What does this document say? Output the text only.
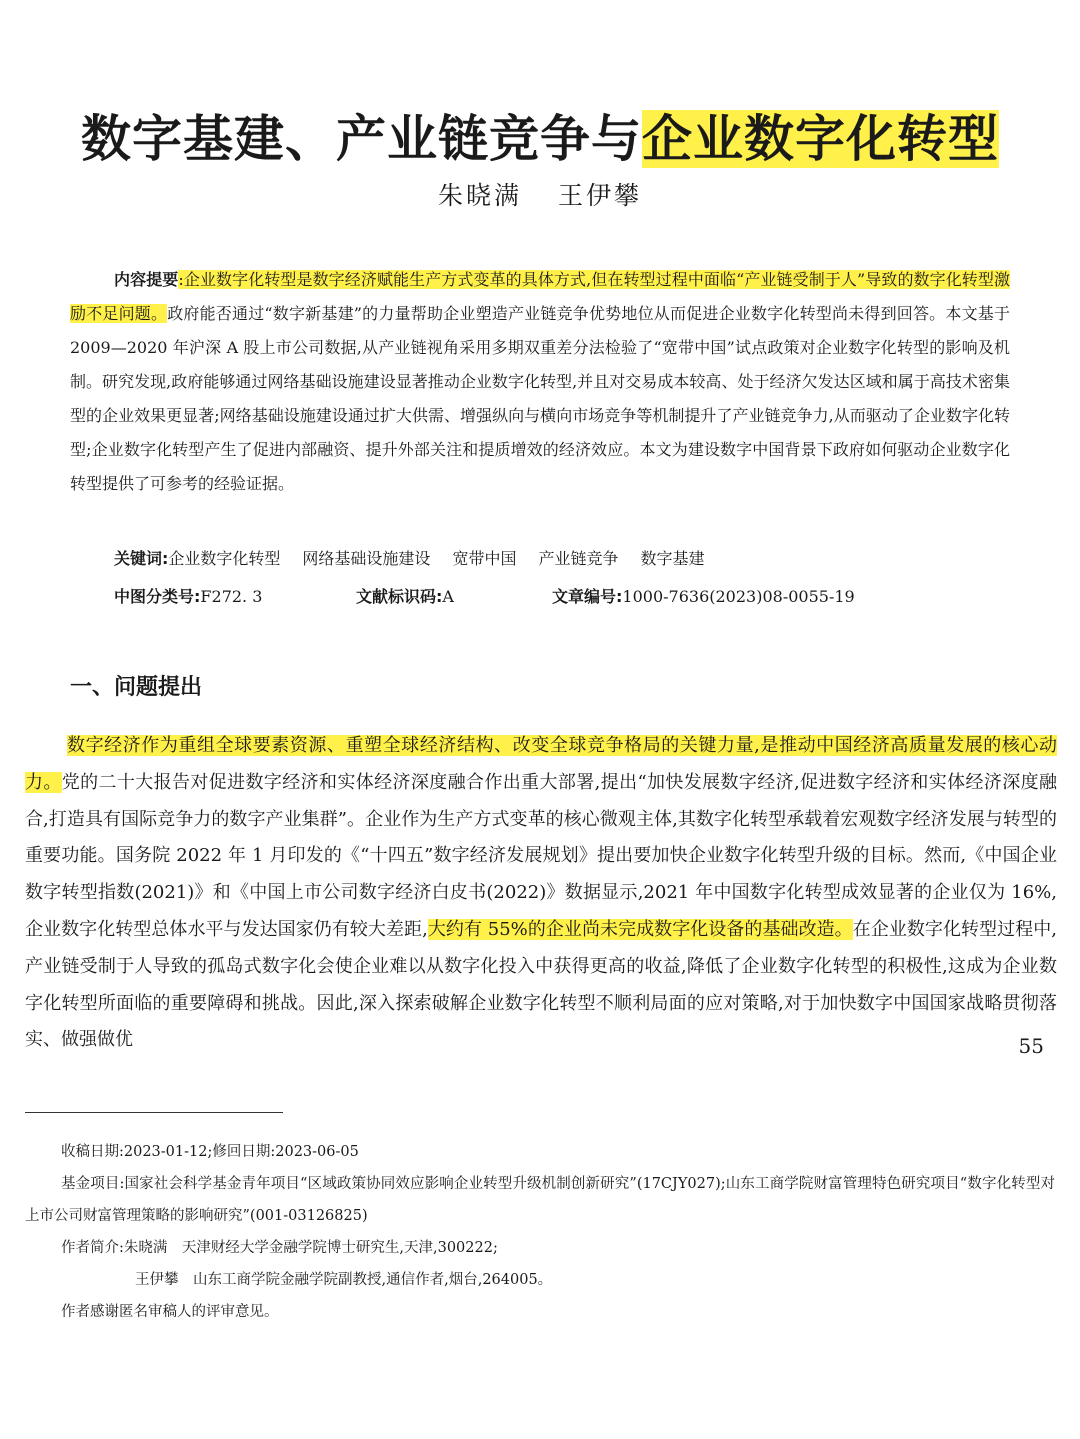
数字基建、产业链竞争与企业数字化转型
朱晓满 王伊攀

内容提要:企业数字化转型是数字经济赋能生产方式变革的具体方式,但在转型过程中面临“产业链受制于人”导致的数字化转型激励不足问题。政府能否通过“数字新基建”的力量帮助企业塑造产业链竞争优势地位从而促进企业数字化转型尚未得到回答。本文基于 2009—2020 年沪深 A 股上市公司数据,从产业链视角采用多期双重差分法检验了“宽带中国”试点政策对企业数字化转型的影响及机制。研究发现,政府能够通过网络基础设施建设显著推动企业数字化转型,并且对交易成本较高、处于经济欠发达区域和属于高技术密集型的企业效果更显著;网络基础设施建设通过扩大供需、增强纵向与横向市场竞争等机制提升了产业链竞争力,从而驱动了企业数字化转型;企业数字化转型产生了促进内部融资、提升外部关注和提质增效的经济效应。本文为建设数字中国背景下政府如何驱动企业数字化转型提供了可参考的经验证据。

关键词:企业数字化转型 网络基础设施建设 宽带中国 产业链竞争 数字基建

中图分类号:F272. 3	文献标识码:A	文章编号:1000-7636(2023)08-0055-19
一、问题提出

数字经济作为重组全球要素资源、重塑全球经济结构、改变全球竞争格局的关键力量,是推动中国经济高质量发展的核心动力。党的二十大报告对促进数字经济和实体经济深度融合作出重大部署,提出“加快发展数字经济,促进数字经济和实体经济深度融合,打造具有国际竞争力的数字产业集群”。企业作为生产方式变革的核心微观主体,其数字化转型承载着宏观数字经济发展与转型的重要功能。国务院 2022 年 1 月印发的《“十四五”数字经济发展规划》提出要加快企业数字化转型升级的目标。然而,《中国企业数字转型指数(2021)》和《中国上市公司数字经济白皮书(2022)》数据显示,2021 年中国数字化转型成效显著的企业仅为 16%,企业数字化转型总体水平与发达国家仍有较大差距,大约有 55%的企业尚未完成数字化设备的基础改造。在企业数字化转型过程中,产业链受制于人导致的孤岛式数字化会使企业难以从数字化投入中获得更高的收益,降低了企业数字化转型的积极性,这成为企业数字化转型所面临的重要障碍和挑战。因此,深入探索破解企业数字化转型不顺利局面的应对策略,对于加快数字中国国家战略贯彻落实、做强做优

收稿日期:2023-01-12;修回日期:2023-06-05

基金项目:国家社会科学基金青年项目“区域政策协同效应影响企业转型升级机制创新研究”(17CJY027);山东工商学院财富管理特色研究项目“数字化转型对上市公司财富管理策略的影响研究”(001-03126825)

作者简介:朱晓满　天津财经大学金融学院博士研究生,天津,300222;

王伊攀　山东工商学院金融学院副教授,通信作者,烟台,264005。

作者感谢匿名审稿人的评审意见。

55
